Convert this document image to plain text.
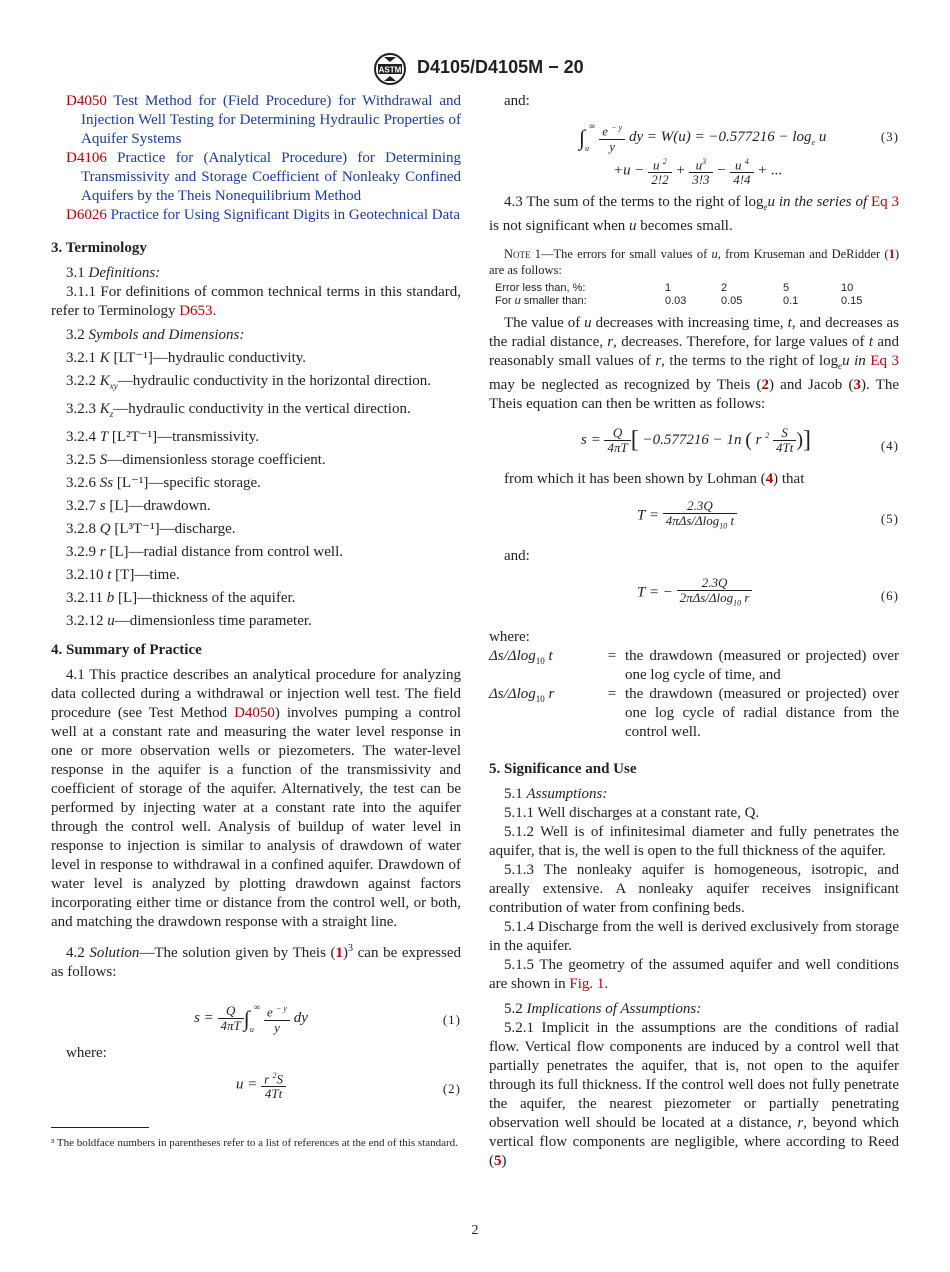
ASTM D4105/D4105M − 20

D4050 Test Method for (Field Procedure) for Withdrawal and Injection Well Testing for Determining Hydraulic Properties of Aquifer Systems

D4106 Practice for (Analytical Procedure) for Determining Transmissivity and Storage Coefficient of Nonleaky Confined Aquifers by the Theis Nonequilibrium Method

D6026 Practice for Using Significant Digits in Geotechnical Data

3. Terminology

3.1 Definitions:

3.1.1 For definitions of common technical terms in this standard, refer to Terminology D653.

3.2 Symbols and Dimensions:

3.2.1 K [LT⁻¹]—hydraulic conductivity.

3.2.2 $K_{xy}—hydraulic$ conductivity in the horizontal direction.

3.2.3 $K_z—hydraulic$ conductivity in the vertical direction.

3.2.4 T [L²T⁻¹]—transmissivity.

3.2.5 S—dimensionless storage coefficient.

3.2.6 Ss [L⁻¹]—specific storage.

3.2.7 s [L]—drawdown.

3.2.8 Q [L³T⁻¹]—discharge.

3.2.9 r [L]—radial distance from control well.

3.2.10 t [T]—time.

3.2.11 b [L]—thickness of the aquifer.

3.2.12 u—dimensionless time parameter.

4. Summary of Practice

4.1 This practice describes an analytical procedure for analyzing data collected during a withdrawal or injection well test. The field procedure (see Test Method D4050) involves pumping a control well at a constant rate and measuring the water level response in one or more observation wells or piezometers. The water-level response in the aquifer is a function of the transmissivity and coefficient of storage of the aquifer. Alternatively, the test can be performed by injecting water at a constant rate into the aquifer through the control well. Analysis of buildup of water level in response to injection is similar to analysis of drawdown of water level in response to withdrawal in a confined aquifer. Drawdown of water level is analyzed by plotting drawdown against factors incorporating either time or distance from the control well, or both, and matching the drawdown response with a straight line.

4.2 Solution—The solution given by Theis $(1)^3$ can be expressed as follows:

$s = \frac{Q}{4\pi T} \int_u^\infty \frac{e ^{- y}}{y}$ dy	(1)

where:

$u = \frac{r ^2S}{4Tt}$	(2)
³ The boldface numbers in parentheses refer to a list of references at the end of this standard.

and:

$\int_u^\infty \frac{e ^{- y}}{y}$ dy = $W(u) = -0.577216 - \log_e u$	(3)
$+u - \frac{u ^2}{2!2} + \frac{u^3}{3!3} - \frac{u ^4}{4!4}$ + ...

4.3 The sum of the terms to the right of $\log_eu$ in the series of Eq 3 is not significant when u becomes small.

Note 1—The errors for small values of u, from Kruseman and DeRidder (1) are as follows:

Error less than, %:	1	2	5	10
For u smaller than:	0.03	0.05	0.1	0.15

The value of u decreases with increasing time, t, and decreases as the radial distance, r, decreases. Therefore, for large values of t and reasonably small values of r, the terms to the right of $\log_eu$ in Eq 3 may be neglected as recognized by Theis (2) and Jacob (3). The Theis equation can then be written as follows:

$s = \frac{Q}{4\pi T}$ [ −0.577216 − 1n ( r $^2 \frac{S}{4Tt}$ )]	(4)

from which it has been shown by Lohman (4) that

$T = \frac{2.3Q}{4\pi\Delta s/\Delta\log_{10} t}$	(5)

and:

T = − $\frac{2.3Q}{2\pi\Delta s/\Delta\log_{10} r}$	(6)

where:

Δs/Δlog$_{10}$ t	= the drawdown (measured or projected) over one log cycle of time, and
Δs/Δlog$_{10}$ r	= the drawdown (measured or projected) over one log cycle of radial distance from the control well.
5. Significance and Use

5.1 Assumptions:

5.1.1 Well discharges at a constant rate, Q.

5.1.2 Well is of infinitesimal diameter and fully penetrates the aquifer, that is, the well is open to the full thickness of the aquifer.

5.1.3 The nonleaky aquifer is homogeneous, isotropic, and areally extensive. A nonleaky aquifer receives insignificant contribution of water from confining beds.

5.1.4 Discharge from the well is derived exclusively from storage in the aquifer.

5.1.5 The geometry of the assumed aquifer and well conditions are shown in Fig. 1.

5.2 Implications of Assumptions:

5.2.1 Implicit in the assumptions are the conditions of radial flow. Vertical flow components are induced by a control well that partially penetrates the aquifer, that is, not open to the aquifer through its full thickness. If the control well does not fully penetrate the aquifer, the nearest piezometer or partially penetrating observation well should be located at a distance, r, beyond which vertical flow components are negligible, where according to Reed (5)

2
